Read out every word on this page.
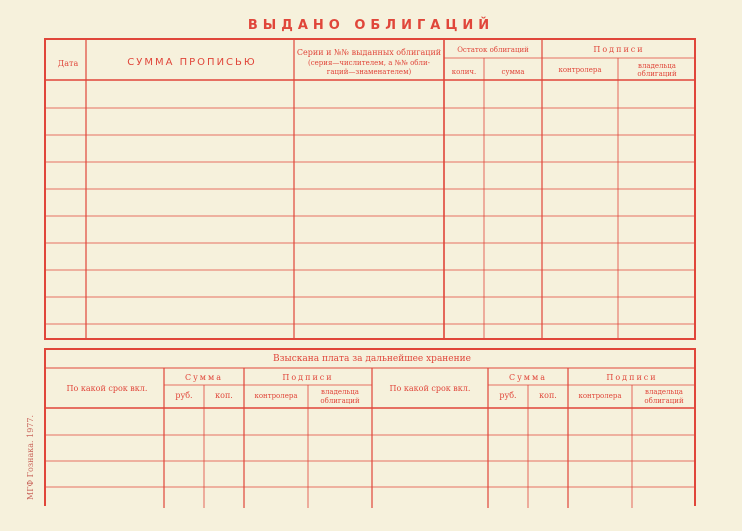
ВЫДАНО ОБЛИГАЦИЙ
Дата	СУММА ПРОПИСЬЮ
Серии и №№ выданных облигаций
(серия—числителем, а №№ обли-
гаций—знаменателем)
Остаток облигаций
колич.	сумма
Подписи
контролера	владельца
облигаций
Взыскана плата за дальнейшее хранение
По какой срок вкл.
Сумма
руб.	коп.
Подписи
контролера	владельца
облигаций
По какой срок вкл.
Сумма
руб.	коп.
Подписи
контролера	владельца
облигаций
МГФ Гознака. 1977.
